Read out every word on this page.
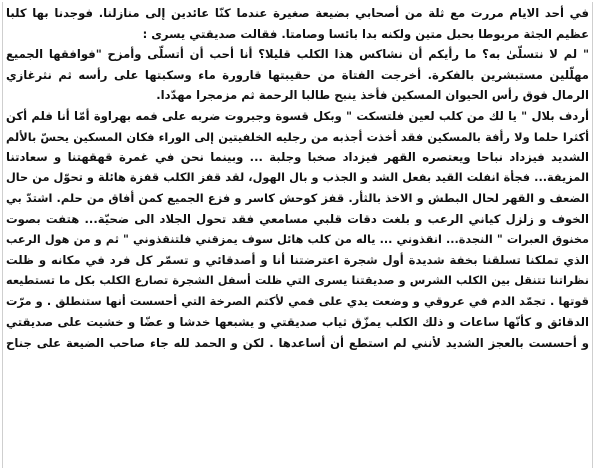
في أحد الايام مررت مع ثلة من أصحابي بضيعة صغيرة عندما كنّا عائدين إلى منازلنا. فوجدنا بها كلبا
عظيم الجثة مربوطا بحبل متين ولكنه بدا بائسا وصامتا. فقالت صديقتي يسرى :
" لم لا نتسلّىٰ به؟ ما رأيكم أن نشاكس هذا الكلب قليلا؟ أنا أحب أن أتسلّى وأمزح "فوافقها الجميع
مهلّلين مستبشرين بالفكرة. أخرجت الفتاة من حقيبتها قارورة ماء وسكبتها على رأسه ثم نثرغازي
الرمال فوق رأس الحيوان المسكين فأخذ ينبح طالبا الرحمة ثم مزمجرا مهدّدا.
أردف بلال " يا لك من كلب لعين فلتسكت " وبكل قسوة وجبروت ضربه على فمه بهراوة أمّا أنا فلم أكن
أكثرا حلما ولا رأفة بالمسكين فقد أخذت أجذبه من رجليه الخلفيتين إلى الوراء فكان المسكين يحسّ بالألم
الشديد فيزداد نباحا ويعتصره القهر فيزداد صخبا وجلبة ... وبينما نحن في غمرة قهقهتنا و سعادتنا
المزيفة... فجأة انفلت القيد بفعل الشد و الجذب و بال الهول، لقد قفز الكلب قفزة هائلة و تحوّل من حال
الضعف و القهر لحال البطش و الاخذ بالثأر. قفز كوحش كاسر و فزع الجميع كمن أفاق من حلم. اشتدّ بي
الخوف و زلزل كياني الرعب و بلغت دقات قلبي مسامعي فقد تحول الجلاد الى ضحيّة... هتفت بصوت
مخنوق العبرات " النجدة... انقذوني ... ياله من كلب هائل سوف يمزقني فلتنقذوني " ثم و من هول الرعب
الذي تملكنا تسلقنا بخفة شديدة أول شجرة اعترضتنا أنا و أصدقائي و تسمّر كل فرد في مكانه و ظلت
نظراتنا تتنقل بين الكلب الشرس و صديقتنا يسرى التي ظلت أسفل الشجرة تصارع الكلب بكل ما تستطيعه
قوتها . تجمّد الدم في عروقي و وضعت يدي على فمي لأكتم الصرخة التي أحسست أنها ستنطلق . و مرّت
الدقائق و كأنّها ساعات و ذلك الكلب يمزّق ثياب صديقتي و يشبعها خدشا و عضّا و خشيت على صديقتي
و أحسست بالعجز الشديد لأنني لم استطع أن أساعدها . لكن و الحمد لله جاء صاحب الضيعة على جناح
